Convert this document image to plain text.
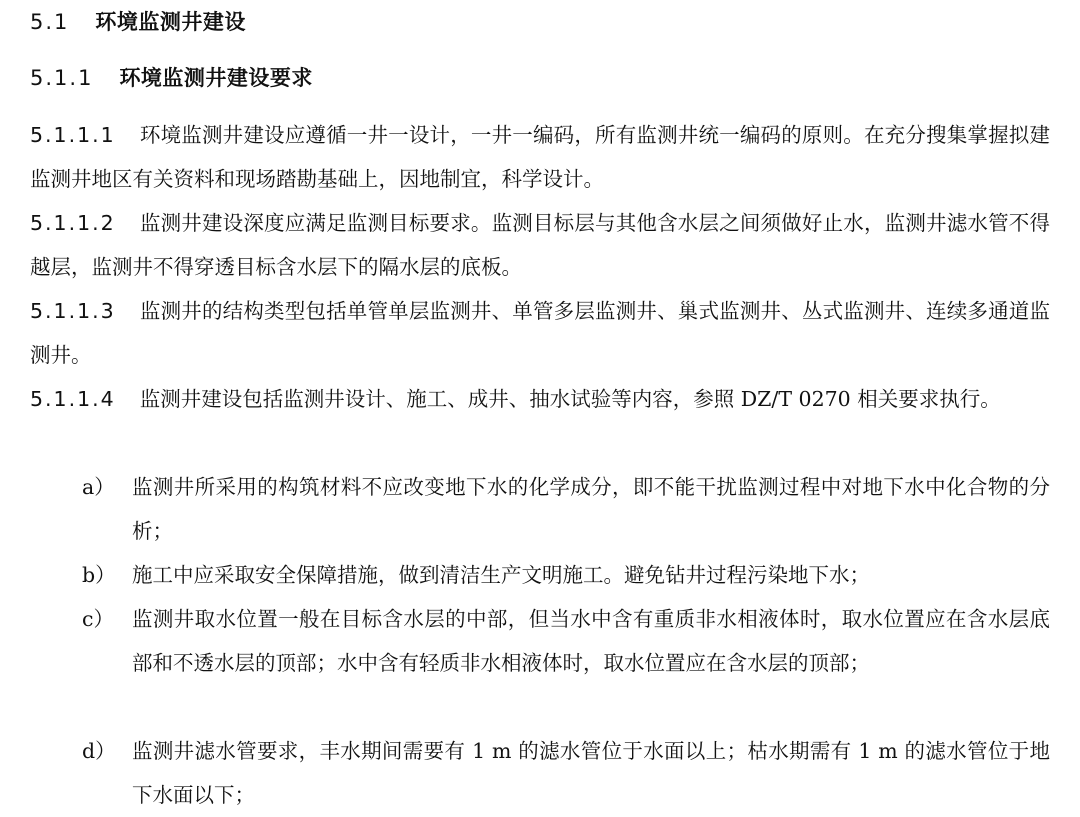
5.1 环境监测井建设
5.1.1 环境监测井建设要求
5.1.1.1 环境监测井建设应遵循一井一设计，一井一编码，所有监测井统一编码的原则。在充分搜集掌握拟建监测井地区有关资料和现场踏勘基础上，因地制宜，科学设计。
5.1.1.2 监测井建设深度应满足监测目标要求。监测目标层与其他含水层之间须做好止水，监测井滤水管不得越层，监测井不得穿透目标含水层下的隔水层的底板。
5.1.1.3 监测井的结构类型包括单管单层监测井、单管多层监测井、巢式监测井、丛式监测井、连续多通道监测井。
5.1.1.4 监测井建设包括监测井设计、施工、成井、抽水试验等内容，参照 DZ/T 0270 相关要求执行。
a） 监测井所采用的构筑材料不应改变地下水的化学成分，即不能干扰监测过程中对地下水中化合物的分析；
b） 施工中应采取安全保障措施，做到清洁生产文明施工。避免钻井过程污染地下水；
c） 监测井取水位置一般在目标含水层的中部，但当水中含有重质非水相液体时，取水位置应在含水层底部和不透水层的顶部；水中含有轻质非水相液体时，取水位置应在含水层的顶部；
d） 监测井滤水管要求，丰水期间需要有 1 m 的滤水管位于水面以上；枯水期需有 1 m 的滤水管位于地下水面以下；
